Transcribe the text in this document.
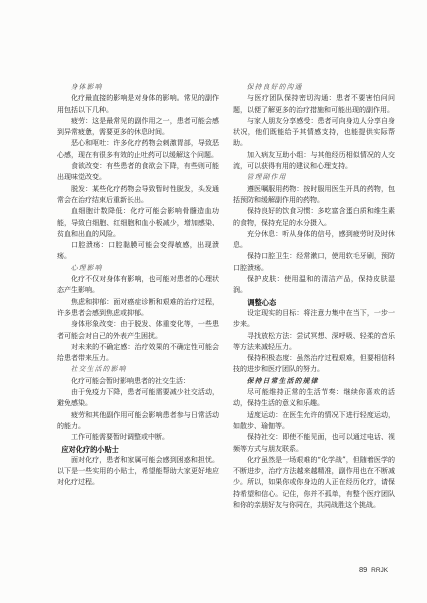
身体影响

化疗最直接的影响是对身体的影响。常见的副作用包括以下几种。

疲劳：这是最常见的副作用之一，患者可能会感到异常疲惫，需要更多的休息时间。

恶心和呕吐：许多化疗药物会刺激胃部，导致恶心感，现在有很多有效的止吐药可以缓解这个问题。

食欲改变：有些患者的食欲会下降，有些则可能出现味觉改变。

脱发：某些化疗药物会导致暂时性脱发，头发通常会在治疗结束后重新长出。

血细胞计数降低：化疗可能会影响骨髓造血功能，导致白细胞、红细胞和血小板减少，增加感染、贫血和出血的风险。

口腔溃疡：口腔黏膜可能会变得敏感，出现溃疡。

心理影响

化疗不仅对身体有影响，也可能对患者的心理状态产生影响。

焦虑和抑郁：面对癌症诊断和艰难的治疗过程，许多患者会感到焦虑或抑郁。

身体形象改变：由于脱发、体重变化等，一些患者可能会对自己的外表产生困扰。

对未来的不确定感：治疗效果的不确定性可能会给患者带来压力。

社交生活的影响

化疗可能会暂时影响患者的社交生活：

由于免疫力下降，患者可能需要减少社交活动，避免感染。

疲劳和其他副作用可能会影响患者参与日常活动的能力。

工作可能需要暂时调整或中断。

应对化疗的小贴士

面对化疗，患者和家属可能会感到困惑和担忧。以下是一些实用的小贴士，希望能帮助大家更好地应对化疗过程。

保持良好的沟通

与医疗团队保持密切沟通：患者不要害怕问问题，以便了解更多的治疗措施和可能出现的副作用。

与家人朋友分享感受：患者可向身边人分享自身状况，他们既能给予其情感支持，也能提供实际帮助。

加入病友互助小组：与其他经历相似情况的人交流，可以获得有用的建议和心理支持。

管理副作用

遵医嘱服用药物：按时服用医生开具的药物，包括预防和缓解副作用的药物。

保持良好的饮食习惯：多吃富含蛋白质和维生素的食物，保持充足的水分摄入。

充分休息：听从身体的信号，感到疲劳时及时休息。

保持口腔卫生：经常漱口，使用软毛牙刷，预防口腔溃疡。

保护皮肤：使用温和的清洁产品，保持皮肤湿润。

调整心态

设定现实的目标：将注意力集中在当下，一步一步来。

寻找放松方法：尝试冥想、深呼吸、轻柔的音乐等方法来减轻压力。

保持积极态度：虽然治疗过程艰难，但要相信科技的进步和医疗团队的努力。

保持日常生活的规律

尽可能维持正常的生活节奏：继续你喜欢的活动，保持生活的意义和乐趣。

适度运动：在医生允许的情况下进行轻度运动，如散步、瑜伽等。

保持社交：即使不能见面，也可以通过电话、视频等方式与朋友联系。

化疗虽然是一场艰难的“化学战”，但随着医学的不断进步，治疗方法越来越精准，副作用也在不断减少。所以，如果你或你身边的人正在经历化疗，请保持希望和信心。记住，你并不孤单，有整个医疗团队和你的亲朋好友与你同在，共同战胜这个挑战。

89 RRJK
